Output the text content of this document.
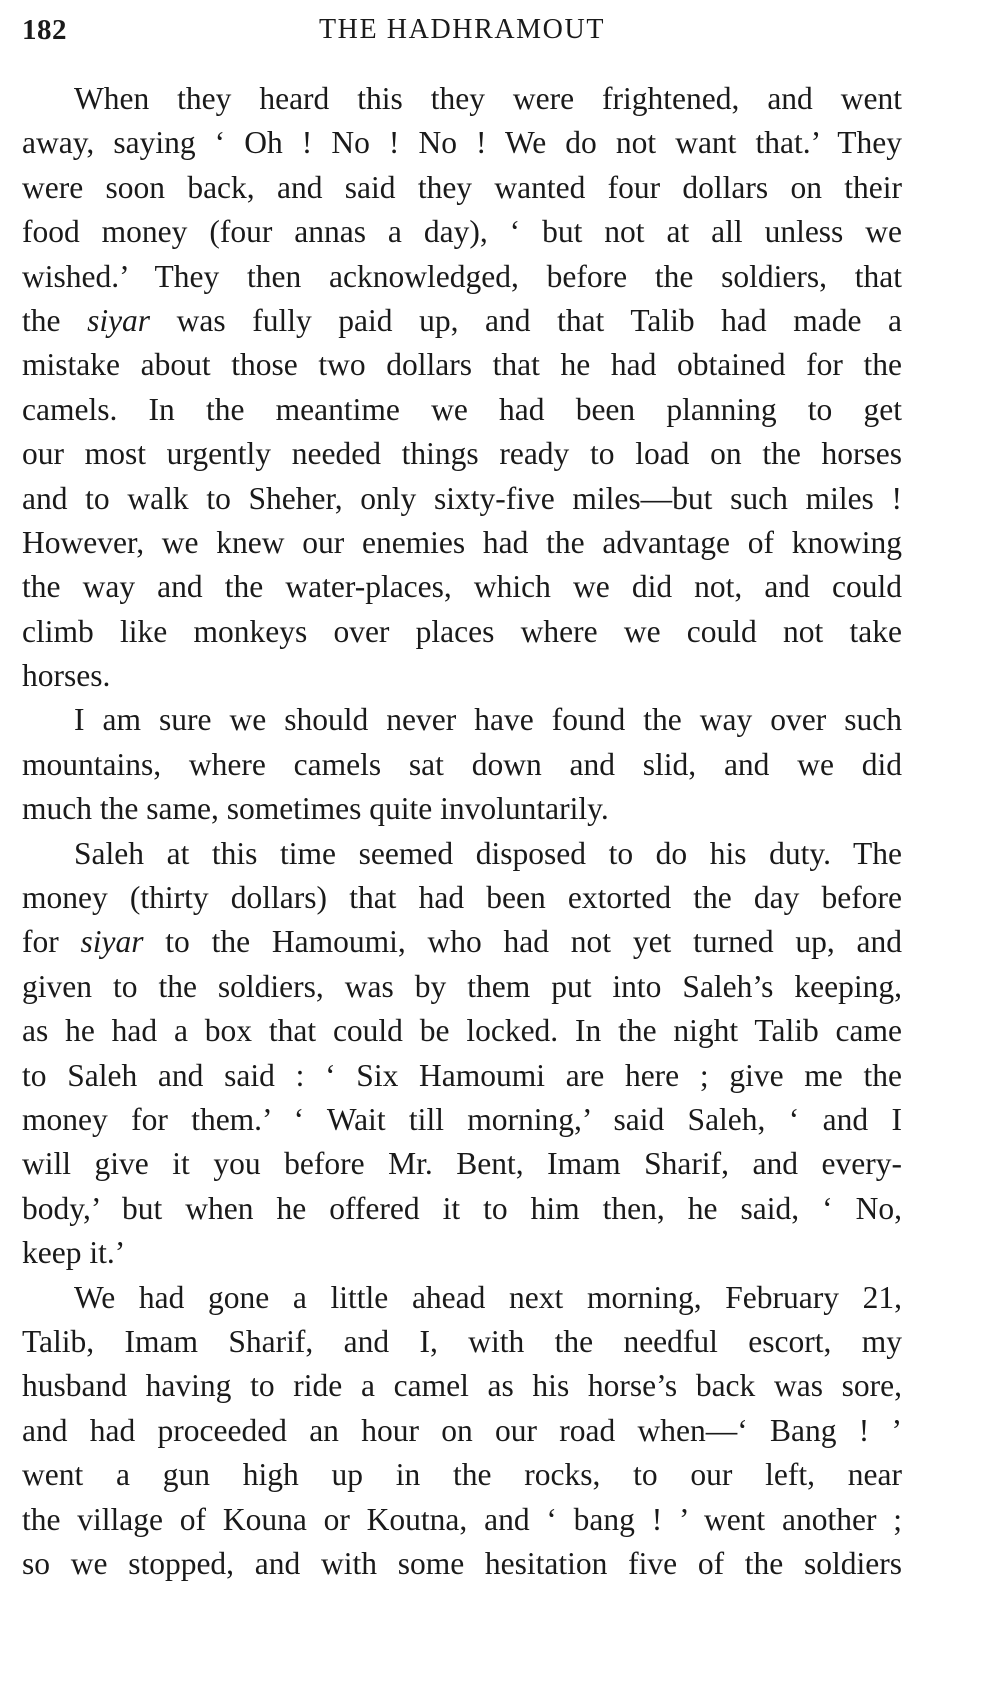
182	THE HADHRAMOUT
When they heard this they were frightened, and went
away, saying ‘ Oh ! No ! No ! We do not want that.’ They
were soon back, and said they wanted four dollars on their
food money (four annas a day), ‘ but not at all unless we
wished.’ They then acknowledged, before the soldiers, that
the siyar was fully paid up, and that Talib had made a
mistake about those two dollars that he had obtained for the
camels. In the meantime we had been planning to get
our most urgently needed things ready to load on the horses
and to walk to Sheher, only sixty-five miles—but such miles !
However, we knew our enemies had the advantage of knowing
the way and the water-places, which we did not, and could
climb like monkeys over places where we could not take
horses.
I am sure we should never have found the way over such
mountains, where camels sat down and slid, and we did
much the same, sometimes quite involuntarily.
Saleh at this time seemed disposed to do his duty. The
money (thirty dollars) that had been extorted the day before
for siyar to the Hamoumi, who had not yet turned up, and
given to the soldiers, was by them put into Saleh’s keeping,
as he had a box that could be locked. In the night Talib came
to Saleh and said : ‘ Six Hamoumi are here ; give me the
money for them.’ ‘ Wait till morning,’ said Saleh, ‘ and I
will give it you before Mr. Bent, Imam Sharif, and every-
body,’ but when he offered it to him then, he said, ‘ No,
keep it.’
We had gone a little ahead next morning, February 21,
Talib, Imam Sharif, and I, with the needful escort, my
husband having to ride a camel as his horse’s back was sore,
and had proceeded an hour on our road when—‘ Bang ! ’
went a gun high up in the rocks, to our left, near
the village of Kouna or Koutna, and ‘ bang ! ’ went another ;
so we stopped, and with some hesitation five of the soldiers
